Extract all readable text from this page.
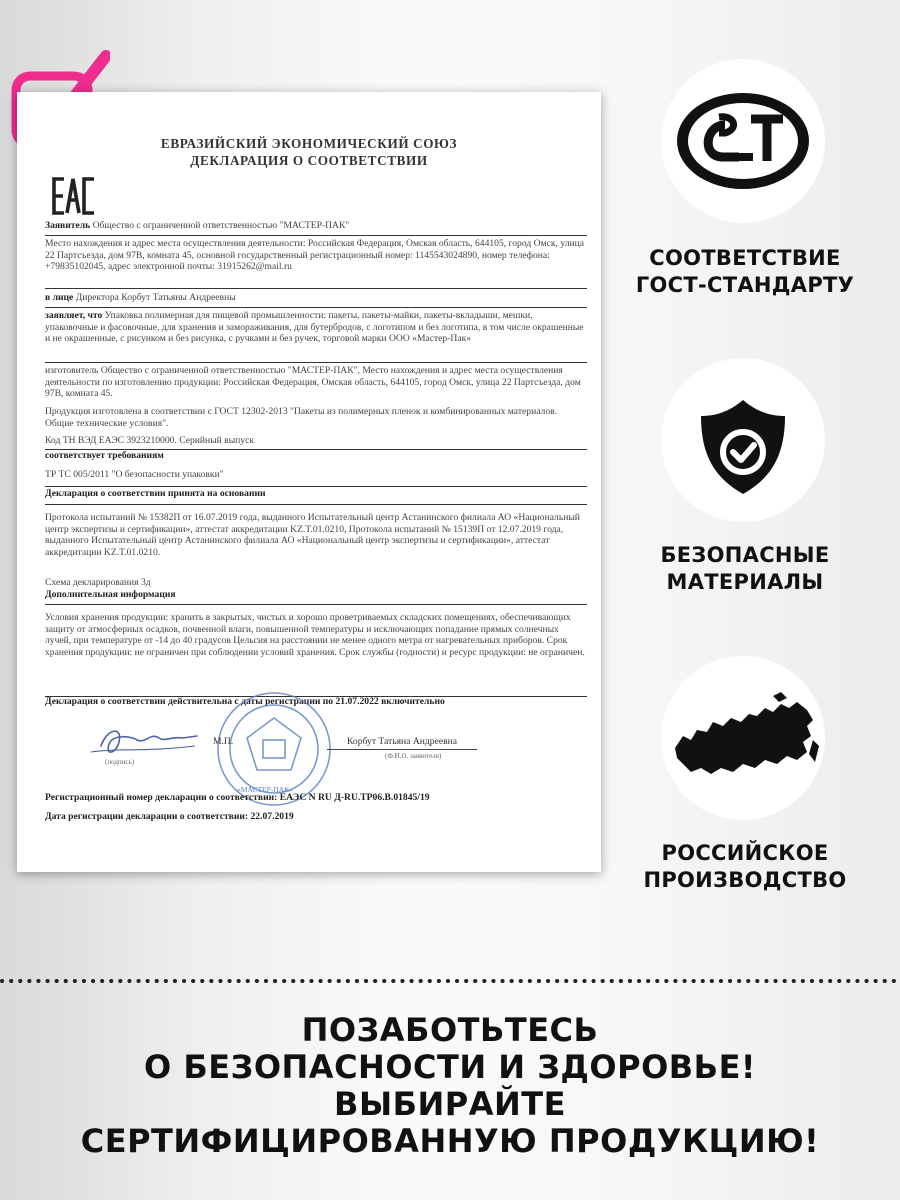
ЕВРАЗИЙСКИЙ ЭКОНОМИЧЕСКИЙ СОЮЗ
ДЕКЛАРАЦИЯ О СООТВЕТСТВИИ
Заявитель Общество с ограниченной ответственностью "МАСТЕР-ПАК"
Место нахождения и адрес места осуществления деятельности: Российская Федерация, Омская область, 644105, город Омск, улица 22 Партсъезда, дом 97В, комната 45, основной государственный регистрационный номер: 1145543024890, номер телефона: +79835102045, адрес электронной почты: 31915262@mail.ru
в лице Директора Корбут Татьяны Андреевны
заявляет, что Упаковка полимерная для пищевой промышленности: пакеты, пакеты-майки, пакеты-вкладыши, мешки, упаковочные и фасовочные, для хранения и замораживания, для бутербродов, с логотипом и без логотипа, в том числе окрашенные и не окрашенные, с рисунком и без рисунка, с ручками и без ручек, торговой марки ООО «Мастер-Пак»
изготовитель Общество с ограниченной ответственностью "МАСТЕР-ПАК", Место нахождения и адрес места осуществления деятельности по изготовлению продукции: Российская Федерация, Омская область, 644105, город Омск, улица 22 Партсъезда, дом 97В, комната 45.
Продукция изготовлена в соответствии с ГОСТ 12302-2013 "Пакеты из полимерных пленок и комбинированных материалов. Общие технические условия".
Код ТН ВЭД ЕАЭС 3923210000. Серийный выпуск
соответствует требованиям
ТР ТС 005/2011 "О безопасности упаковки"
Декларация о соответствии принята на основании
Протокола испытаний № 15382П от 16.07.2019 года, выданного Испытательный центр Астанинского филиала АО «Национальный центр экспертизы и сертификации», аттестат аккредитации KZ.T.01.0210, Протокола испытаний № 15139П от 12.07.2019 года, выданного Испытательный центр Астанинского филиала АО «Национальный центр экспертизы и сертификации», аттестат аккредитации KZ.T.01.0210.
Схема декларирования 3д
Дополнительная информация
Условия хранения продукции: хранить в закрытых, чистых и хорошо проветриваемых складских помещениях, обеспечивающих защиту от атмосферных осадков, почвенной влаги, повышенной температуры и исключающих попадание прямых солнечных лучей, при температуре от -14 до 40 градусов Цельсия на расстоянии не менее одного метра от нагревательных приборов. Срок хранения продукции: не ограничен при соблюдении условий хранения. Срок службы (годности) и ресурс продукции: не ограничен.
Декларация о соответствии действительна с даты регистрации по 21.07.2022 включительно
(подпись)
«МАСТЕР-ПАК»
М.П.	Корбут Татьяна Андреевна
(Ф.И.О. заявителя)
Регистрационный номер декларации о соответствии: ЕАЭС N RU Д-RU.ТР06.В.01845/19
Дата регистрации декларации о соответствии: 22.07.2019
СООТВЕТСТВИЕ
ГОСТ-СТАНДАРТУ
БЕЗОПАСНЫЕ
МАТЕРИАЛЫ
РОССИЙСКОЕ
ПРОИЗВОДСТВО
ПОЗАБОТЬТЕСЬ
О БЕЗОПАСНОСТИ И ЗДОРОВЬЕ!
ВЫБИРАЙТЕ
СЕРТИФИЦИРОВАННУЮ ПРОДУКЦИЮ!
